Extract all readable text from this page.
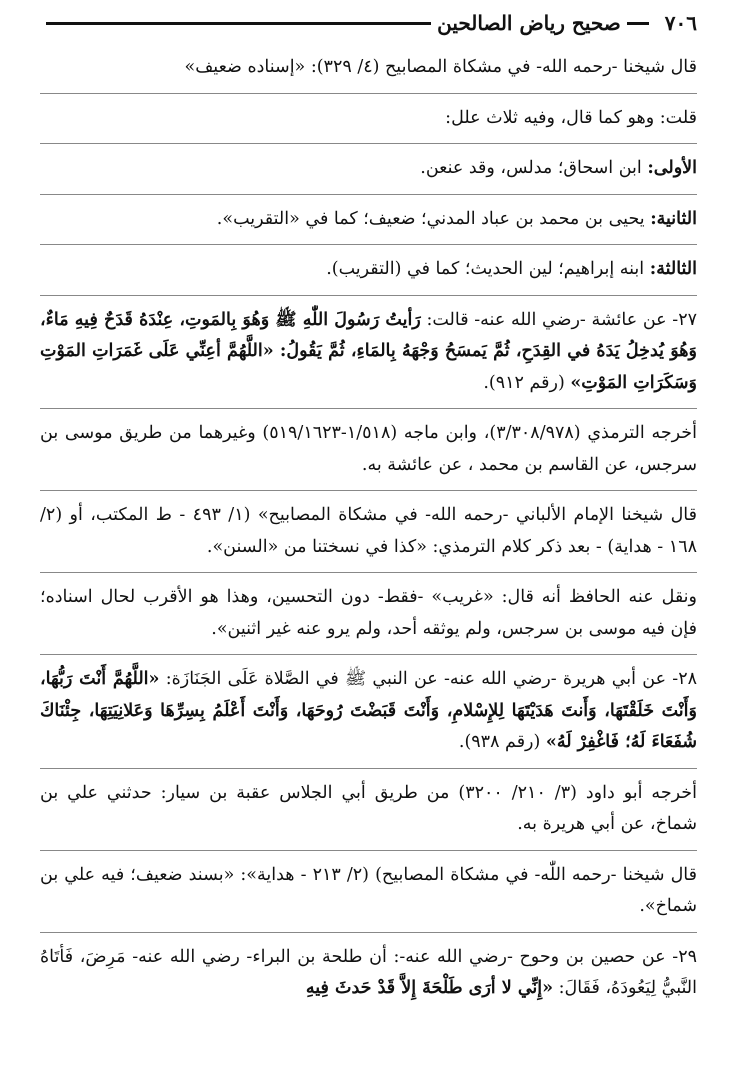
٧٠٦
صحيح رياض الصالحين

قال شيخنا -رحمه الله- في مشكاة المصابيح (٤/ ٣٢٩): «إسناده ضعيف»

قلت: وهو كما قال، وفيه ثلاث علل:

الأولى: ابن اسحاق؛ مدلس، وقد عنعن.

الثانية: يحيى بن محمد بن عباد المدني؛ ضعيف؛ كما في «التقريب».

الثالثة: ابنه إبراهيم؛ لين الحديث؛ كما في (التقريب).

٢٧- عن عائشة -رضي الله عنه- قالت: رَأيتُ رَسُولَ اللّٰهِ ﷺ وَهُوَ بِالمَوتِ، عِنْدَهُ قَدَحٌ فِيهِ مَاءٌ، وَهُوَ يُدخِلُ يَدَهُ في القِدَحِ، ثُمَّ يَمسَحُ وَجْهَهُ بِالمَاءِ، ثُمَّ يَقُولُ: «اللَّهُمَّ أعِنِّي عَلَى غَمَرَاتِ المَوْتِ وَسَكَرَاتِ المَوْتِ» (رقم ٩١٢).

أخرجه الترمذي (٣/٣٠٨/٩٧٨)، وابن ماجه (١/٥١٨-٥١٩/١٦٢٣) وغيرهما من طريق موسى بن سرجس، عن القاسم بن محمد ، عن عائشة به.

قال شيخنا الإمام الألباني -رحمه الله- في مشكاة المصابيح» (١/ ٤٩٣ - ط المكتب، أو (٢/ ١٦٨ - هداية) - بعد ذكر كلام الترمذي: «كذا في نسختنا من «السنن».

ونقل عنه الحافظ أنه قال: «غريب» -فقط- دون التحسين، وهذا هو الأقرب لحال اسناده؛ فإن فيه موسى بن سرجس، ولم يوثقه أحد، ولم يرو عنه غير اثنين».

٢٨- عن أبي هريرة -رضي الله عنه- عن النبي ﷺ في الصَّلاة عَلَى الجَنَازَة: «اللَّهُمَّ أَنْتَ رَبُّهَا، وَأَنْتَ خَلَقْتَهَا، وَأَنتَ هَدَيْتَهَا لِلإِسْلامِ، وَأَنْتَ قَبَضْتَ رُوحَهَا، وَأَنْتَ أَعْلَمُ بِسِرِّهَا وَعَلانِيَتِهَا، جِئْنَاكَ شُفَعَاءَ لَهُ؛ فَاغْفِرْ لَهُ» (رقم ٩٣٨).

أخرجه أبو داود (٣/ ٢١٠/ ٣٢٠٠) من طريق أبي الجلاس عقبة بن سيار: حدثني علي بن شماخ، عن أبي هريرة به.

قال شيخنا -رحمه اللّٰه- في مشكاة المصابيح) (٢/ ٢١٣ - هداية»: «بسند ضعيف؛ فيه علي بن شماخ».

٢٩- عن حصين بن وحوح -رضي الله عنه-: أن طلحة بن البراء- رضي الله عنه- مَرِضَ، فَأتَاهُ النَّبيُّ لِيَعُودَهُ، فَقَالَ: «إِنِّي لا أرَى طَلْحَةَ إِلاَّ قَدْ حَدثَ فِيهِ
